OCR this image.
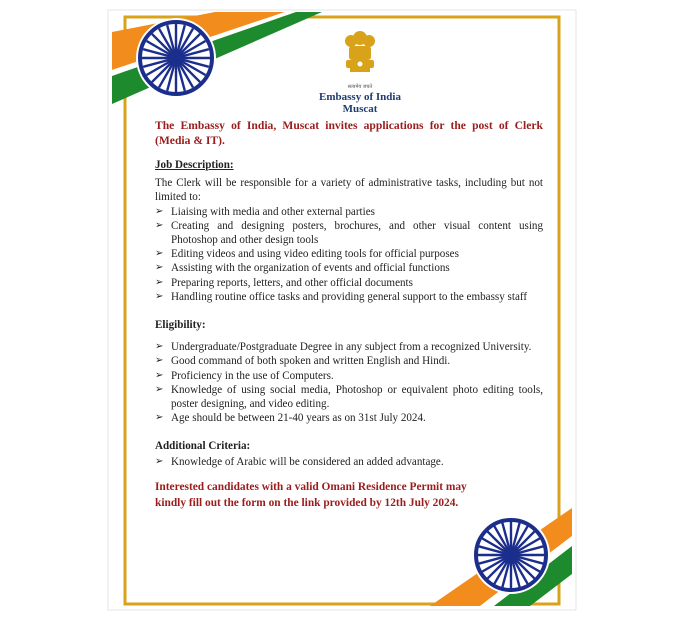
सत्यमेव जयते
Embassy of India
Muscat

The Embassy of India, Muscat invites applications for the post of Clerk (Media & IT).

Job Description:

The Clerk will be responsible for a variety of administrative tasks, including but not limited to:

➢ Liaising with media and other external parties
➢ Creating and designing posters, brochures, and other visual content using Photoshop and other design tools
➢ Editing videos and using video editing tools for official purposes
➢ Assisting with the organization of events and official functions
➢ Preparing reports, letters, and other official documents
➢ Handling routine office tasks and providing general support to the embassy staff
Eligibility:
➢ Undergraduate/Postgraduate Degree in any subject from a recognized University.
➢ Good command of both spoken and written English and Hindi.
➢ Proficiency in the use of Computers.
➢ Knowledge of using social media, Photoshop or equivalent photo editing tools, poster designing, and video editing.
➢ Age should be between 21-40 years as on 31st July 2024.
Additional Criteria:
➢ Knowledge of Arabic will be considered an added advantage.

Interested candidates with a valid Omani Residence Permit may kindly fill out the form on the link provided by 12th July 2024.
